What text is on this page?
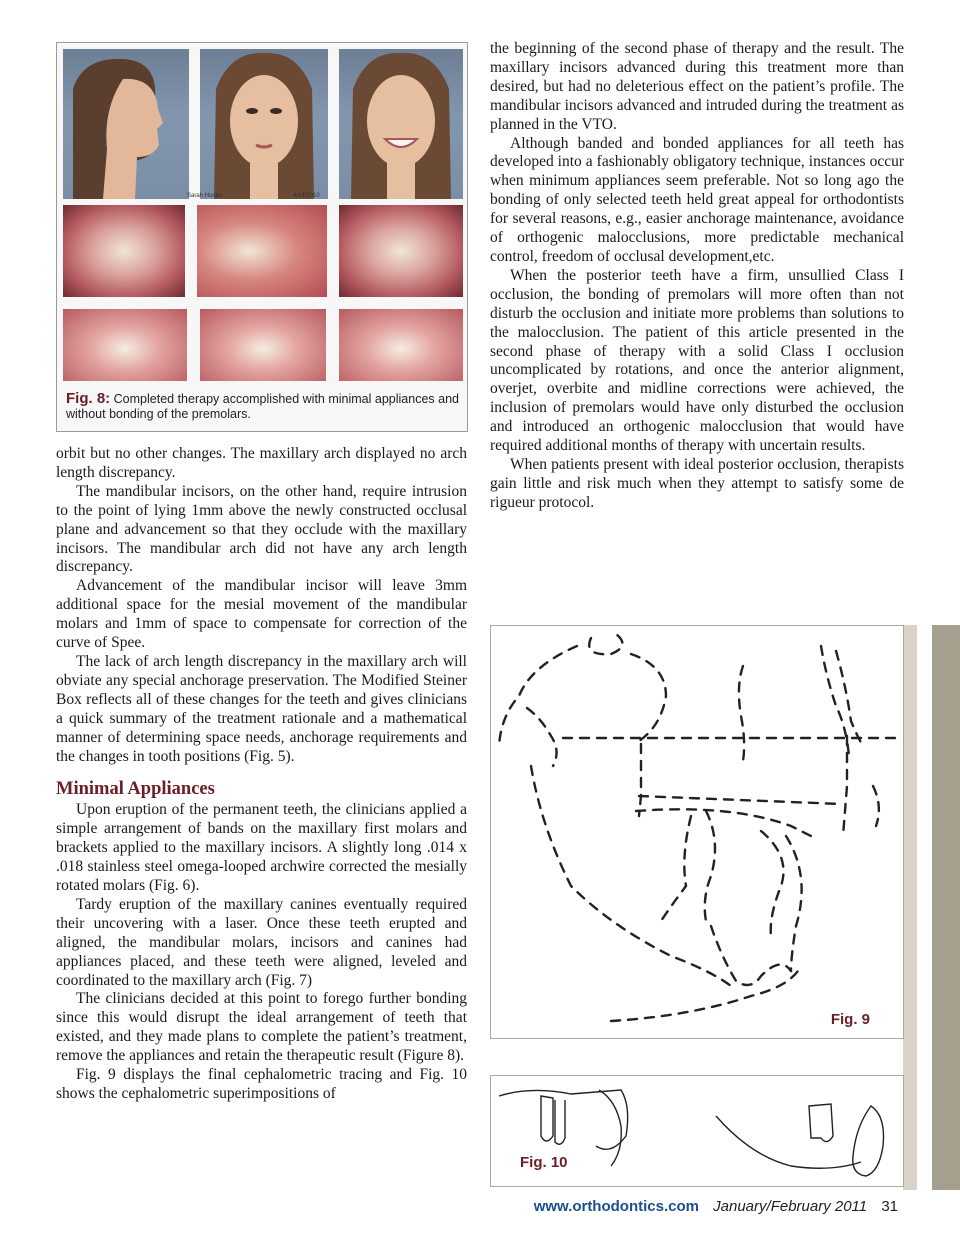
Sarah Hunter	4/14/2010
Fig. 8: Completed therapy accomplished with minimal appliances and without bonding of the premolars.

orbit but no other changes. The maxillary arch displayed no arch length discrepancy.

The mandibular incisors, on the other hand, require intrusion to the point of lying 1mm above the newly constructed occlusal plane and advancement so that they occlude with the maxillary incisors. The mandibular arch did not have any arch length discrepancy.

Advancement of the mandibular incisor will leave 3mm additional space for the mesial movement of the mandibular molars and 1mm of space to compensate for correction of the curve of Spee.

The lack of arch length discrepancy in the maxillary arch will obviate any special anchorage preservation. The Modified Steiner Box reflects all of these changes for the teeth and gives clinicians a quick summary of the treatment rationale and a mathematical manner of determining space needs, anchorage requirements and the changes in tooth positions (Fig. 5).

Minimal Appliances

Upon eruption of the permanent teeth, the clinicians applied a simple arrangement of bands on the maxillary first molars and brackets applied to the maxillary incisors. A slightly long .014 x .018 stainless steel omega-looped archwire corrected the mesially rotated molars (Fig. 6).

Tardy eruption of the maxillary canines eventually required their uncovering with a laser. Once these teeth erupted and aligned, the mandibular molars, incisors and canines had appliances placed, and these teeth were aligned, leveled and coordinated to the maxillary arch (Fig. 7)

The clinicians decided at this point to forego further bonding since this would disrupt the ideal arrangement of teeth that existed, and they made plans to complete the patient’s treatment, remove the appliances and retain the therapeutic result (Figure 8).

Fig. 9 displays the final cephalometric tracing and Fig. 10 shows the cephalometric superimpositions of

the beginning of the second phase of therapy and the result. The maxillary incisors advanced during this treatment more than desired, but had no deleterious effect on the patient’s profile. The mandibular incisors advanced and intruded during the treatment as planned in the VTO.

Although banded and bonded appliances for all teeth has developed into a fashionably obligatory technique, instances occur when minimum appliances seem preferable. Not so long ago the bonding of only selected teeth held great appeal for orthodontists for several reasons, e.g., easier anchorage maintenance, avoidance of orthogenic malocclusions, more predictable mechanical control, freedom of occlusal development,etc.

When the posterior teeth have a firm, unsullied Class I occlusion, the bonding of premolars will more often than not disturb the occlusion and initiate more problems than solutions to the malocclusion. The patient of this article presented in the second phase of therapy with a solid Class I occlusion uncomplicated by rotations, and once the anterior alignment, overjet, overbite and midline corrections were achieved, the inclusion of premolars would have only disturbed the occlusion and introduced an orthogenic malocclusion that would have required additional months of therapy with uncertain results.

When patients present with ideal posterior occlusion, therapists gain little and risk much when they attempt to satisfy some de rigueur protocol.

Fig. 9
Fig. 10
www.orthodontics.com January/February 2011 31
